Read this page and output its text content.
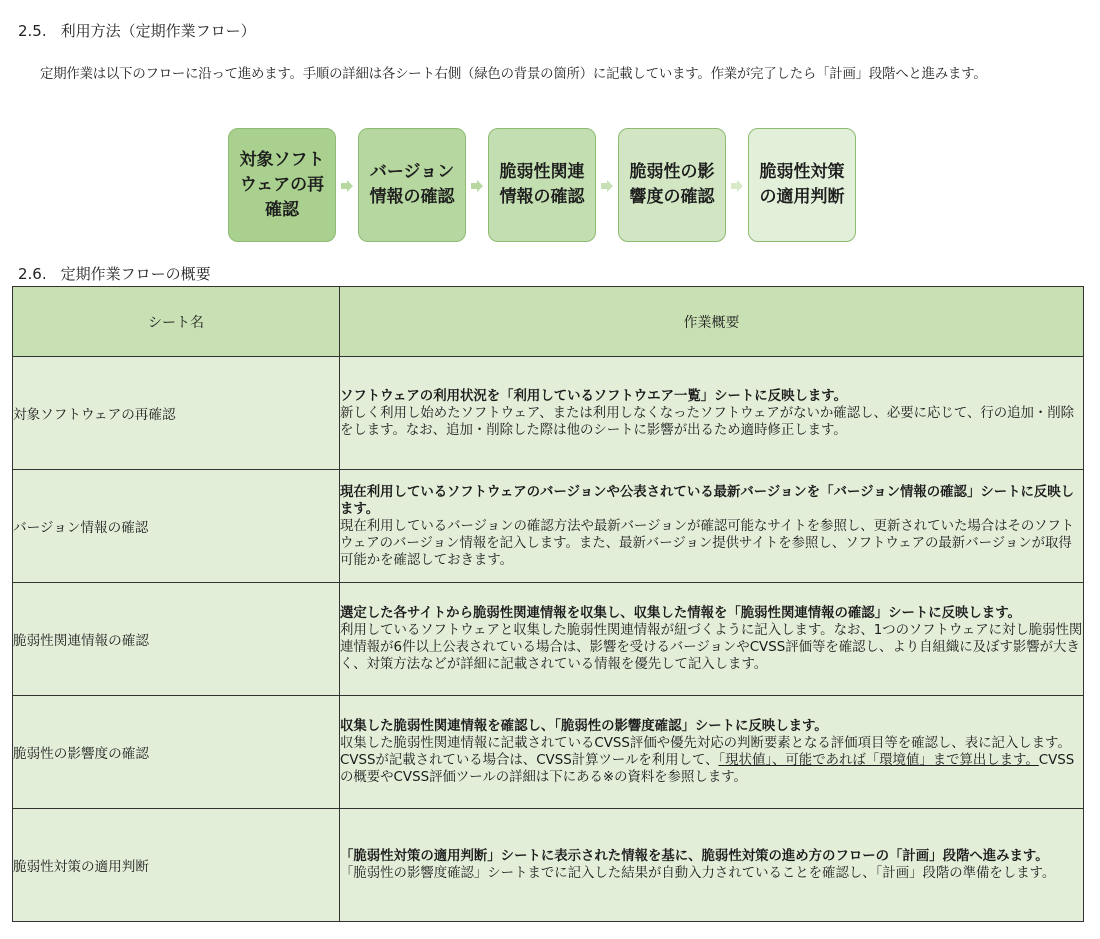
2.5. 利用方法（定期作業フロー）
定期作業は以下のフローに沿って進めます。手順の詳細は各シート右側（緑色の背景の箇所）に記載しています。作業が完了したら「計画」段階へと進みます。
対象ソフトウェアの再確認
バージョン情報の確認
脆弱性関連情報の確認
脆弱性の影響度の確認
脆弱性対策の適用判断
2.6. 定期作業フローの概要
シート名	作業概要
対象ソフトウェアの再確認	ソフトウェアの利用状況を「利用しているソフトウエア一覧」シートに反映します。
新しく利用し始めたソフトウェア、または利用しなくなったソフトウェアがないか確認し、必要に応じて、行の追加・削除をします。なお、追加・削除した際は他のシートに影響が出るため適時修正します。

バージョン情報の確認	現在利用しているソフトウェアのバージョンや公表されている最新バージョンを「バージョン情報の確認」シートに反映します。
現在利用しているバージョンの確認方法や最新バージョンが確認可能なサイトを参照し、更新されていた場合はそのソフトウェアのバージョン情報を記入します。また、最新バージョン提供サイトを参照し、ソフトウェアの最新バージョンが取得可能かを確認しておきます。

脆弱性関連情報の確認	選定した各サイトから脆弱性関連情報を収集し、収集した情報を「脆弱性関連情報の確認」シートに反映します。
利用しているソフトウェアと収集した脆弱性関連情報が紐づくように記入します。なお、1つのソフトウェアに対し脆弱性関連情報が6件以上公表されている場合は、影響を受けるバージョンやCVSS評価等を確認し、より自組織に及ぼす影響が大きく、対策方法などが詳細に記載されている情報を優先して記入します。

脆弱性の影響度の確認	収集した脆弱性関連情報を確認し、「脆弱性の影響度確認」シートに反映します。
収集した脆弱性関連情報に記載されているCVSS評価や優先対応の判断要素となる評価項目等を確認し、表に記入します。CVSSが記載されている場合は、CVSS計算ツールを利用して、「現状値」、可能であれば「環境値」まで算出します。CVSSの概要やCVSS評価ツールの詳細は下にある※の資料を参照します。

脆弱性対策の適用判断	「脆弱性対策の適用判断」シートに表示された情報を基に、脆弱性対策の進め方のフローの「計画」段階へ進みます。
「脆弱性の影響度確認」シートまでに記入した結果が自動入力されていることを確認し、「計画」段階の準備をします。
